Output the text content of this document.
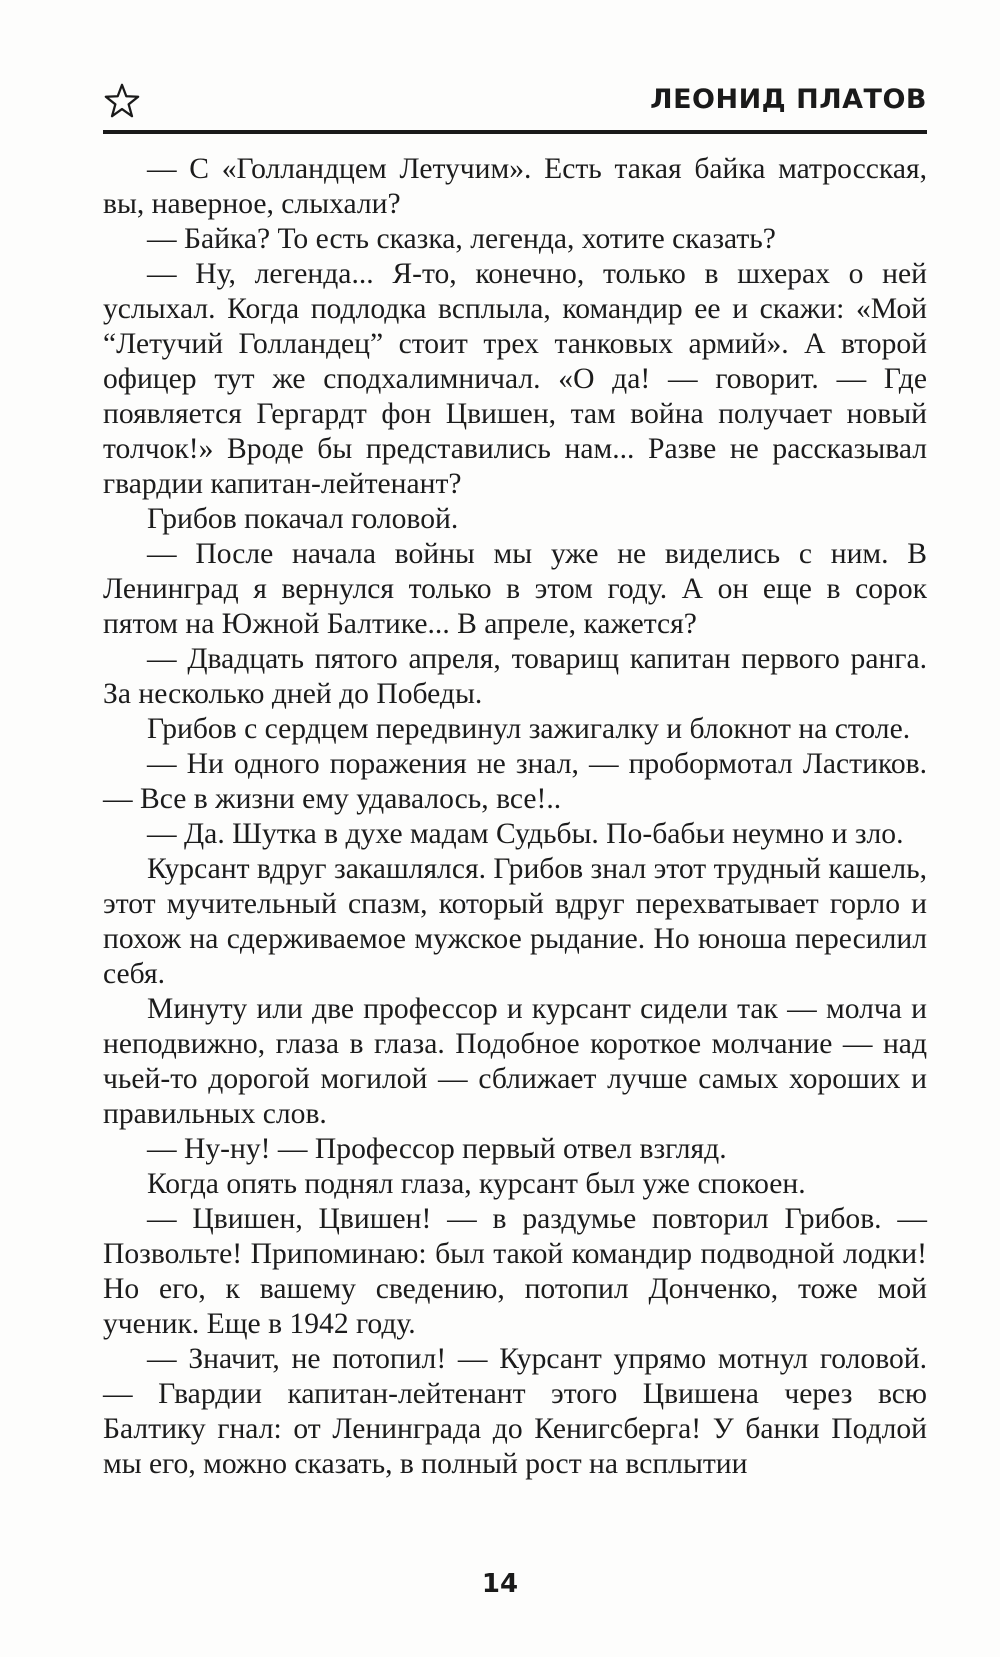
ЛЕОНИД ПЛАТОВ

— С «Голландцем Летучим». Есть такая байка матросская, вы, наверное, слыхали?

— Байка? То есть сказка, легенда, хотите сказать?

— Ну, легенда... Я-то, конечно, только в шхерах о ней услыхал. Когда подлодка всплыла, командир ее и скажи: «Мой “Летучий Голландец” стоит трех танковых армий». А второй офицер тут же сподхалимничал. «О да! — говорит. — Где появляется Гергардт фон Цвишен, там война получает новый толчок!» Вроде бы представились нам... Разве не рассказывал гвардии капитан-лейтенант?

Грибов покачал головой.

— После начала войны мы уже не виделись с ним. В Ленинград я вернулся только в этом году. А он еще в сорок пятом на Южной Балтике... В апреле, кажется?

— Двадцать пятого апреля, товарищ капитан первого ранга. За несколько дней до Победы.

Грибов с сердцем передвинул зажигалку и блокнот на столе.

— Ни одного поражения не знал, — пробормотал Ластиков. — Все в жизни ему удавалось, все!..

— Да. Шутка в духе мадам Судьбы. По-бабьи неумно и зло.

Курсант вдруг закашлялся. Грибов знал этот трудный кашель, этот мучительный спазм, который вдруг перехватывает горло и похож на сдерживаемое мужское рыдание. Но юноша пересилил себя.

Минуту или две профессор и курсант сидели так — молча и неподвижно, глаза в глаза. Подобное короткое молчание — над чьей-то дорогой могилой — сближает лучше самых хороших и правильных слов.

— Ну-ну! — Профессор первый отвел взгляд.

Когда опять поднял глаза, курсант был уже спокоен.

— Цвишен, Цвишен! — в раздумье повторил Грибов. — Позвольте! Припоминаю: был такой командир подводной лодки! Но его, к вашему сведению, потопил Донченко, тоже мой ученик. Еще в 1942 году.

— Значит, не потопил! — Курсант упрямо мотнул головой. — Гвардии капитан-лейтенант этого Цвишена через всю Балтику гнал: от Ленинграда до Кенигсберга! У банки Подлой мы его, можно сказать, в полный рост на всплытии

14
